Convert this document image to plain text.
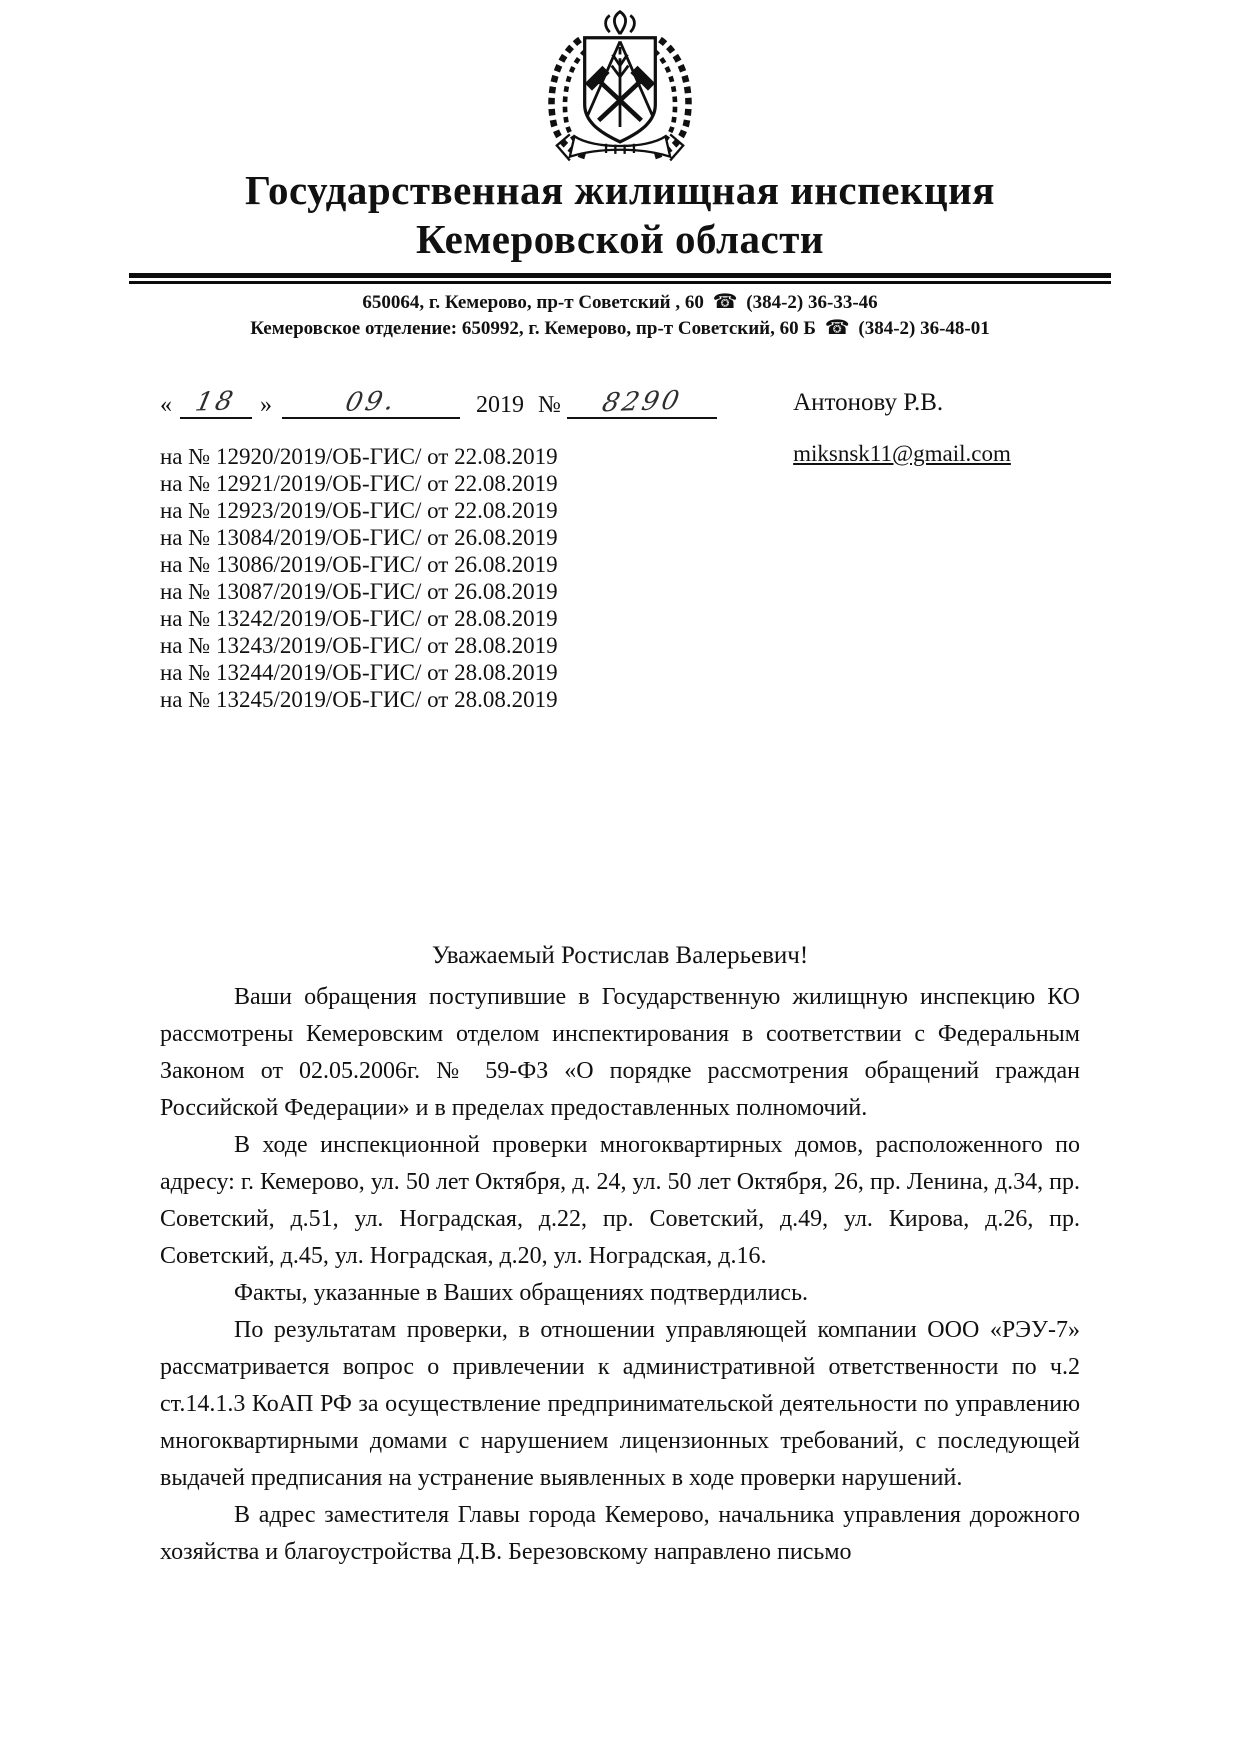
Государственная жилищная инспекция
Кемеровской области
650064, г. Кемерово, пр-т Советский , 60 ☎ (384-2) 36-33-46
Кемеровское отделение: 650992, г. Кемерово, пр-т Советский, 60 Б ☎ (384-2) 36-48-01
« 18 »	09.	2019 № 8290
на № 12920/2019/ОБ-ГИС/ от 22.08.2019
на № 12921/2019/ОБ-ГИС/ от 22.08.2019
на № 12923/2019/ОБ-ГИС/ от 22.08.2019
на № 13084/2019/ОБ-ГИС/ от 26.08.2019
на № 13086/2019/ОБ-ГИС/ от 26.08.2019
на № 13087/2019/ОБ-ГИС/ от 26.08.2019
на № 13242/2019/ОБ-ГИС/ от 28.08.2019
на № 13243/2019/ОБ-ГИС/ от 28.08.2019
на № 13244/2019/ОБ-ГИС/ от 28.08.2019
на № 13245/2019/ОБ-ГИС/ от 28.08.2019
Антонову Р.В.
miksnsk11@gmail.com

Уважаемый Ростислав Валерьевич!

Ваши обращения поступившие в Государственную жилищную инспекцию КО рассмотрены Кемеровским отделом инспектирования в соответствии с Федеральным Законом от 02.05.2006г. № 59-ФЗ «О порядке рассмотрения обращений граждан Российской Федерации» и в пределах предоставленных полномочий.

В ходе инспекционной проверки многоквартирных домов, расположенного по адресу: г. Кемерово, ул. 50 лет Октября, д. 24, ул. 50 лет Октября, 26, пр. Ленина, д.34, пр. Советский, д.51, ул. Ноградская, д.22, пр. Советский, д.49, ул. Кирова, д.26, пр. Советский, д.45, ул. Ноградская, д.20, ул. Ноградская, д.16.

Факты, указанные в Ваших обращениях подтвердились.

По результатам проверки, в отношении управляющей компании ООО «РЭУ-7» рассматривается вопрос о привлечении к административной ответственности по ч.2 ст.14.1.3 КоАП РФ за осуществление предпринимательской деятельности по управлению многоквартирными домами с нарушением лицензионных требований, с последующей выдачей предписания на устранение выявленных в ходе проверки нарушений.

В адрес заместителя Главы города Кемерово, начальника управления дорожного хозяйства и благоустройства Д.В. Березовскому направлено письмо
